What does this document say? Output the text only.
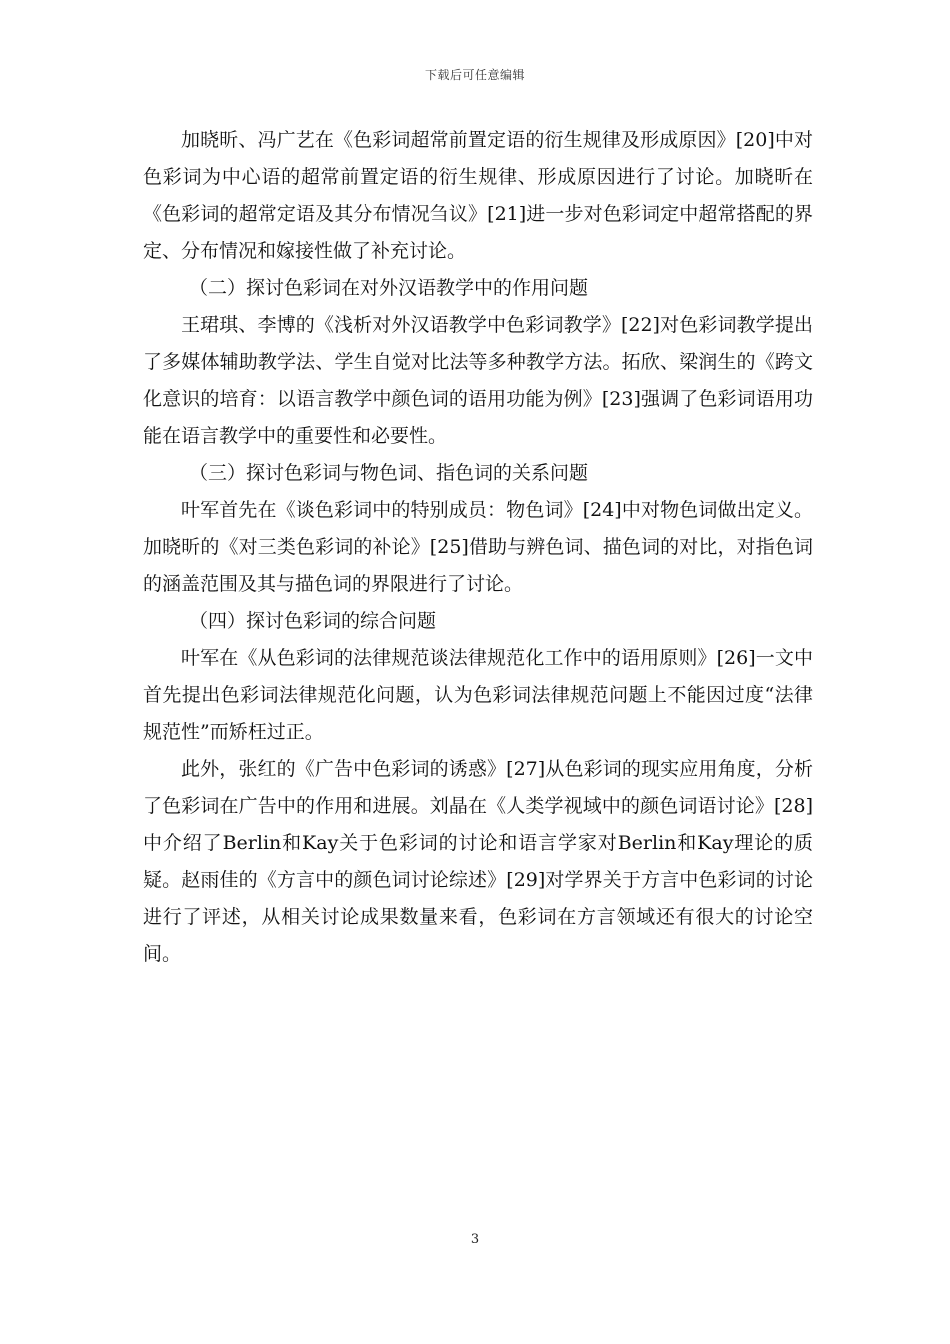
下载后可任意编辑

加晓昕、冯广艺在《色彩词超常前置定语的衍生规律及形成原因》[20]中对色彩词为中心语的超常前置定语的衍生规律、形成原因进行了讨论。加晓昕在《色彩词的超常定语及其分布情况刍议》[21]进一步对色彩词定中超常搭配的界定、分布情况和嫁接性做了补充讨论。

（二）探讨色彩词在对外汉语教学中的作用问题

王珺琪、李博的《浅析对外汉语教学中色彩词教学》[22]对色彩词教学提出了多媒体辅助教学法、学生自觉对比法等多种教学方法。拓欣、梁润生的《跨文化意识的培育：以语言教学中颜色词的语用功能为例》[23]强调了色彩词语用功能在语言教学中的重要性和必要性。

（三）探讨色彩词与物色词、指色词的关系问题

叶军首先在《谈色彩词中的特别成员：物色词》[24]中对物色词做出定义。加晓昕的《对三类色彩词的补论》[25]借助与辨色词、描色词的对比，对指色词的涵盖范围及其与描色词的界限进行了讨论。

（四）探讨色彩词的综合问题

叶军在《从色彩词的法律规范谈法律规范化工作中的语用原则》[26]一文中首先提出色彩词法律规范化问题，认为色彩词法律规范问题上不能因过度“法律规范性”而矫枉过正。

此外，张红的《广告中色彩词的诱惑》[27]从色彩词的现实应用角度，分析了色彩词在广告中的作用和进展。刘晶在《人类学视域中的颜色词语讨论》[28]中介绍了Berlin和Kay关于色彩词的讨论和语言学家对Berlin和Kay理论的质疑。赵雨佳的《方言中的颜色词讨论综述》[29]对学界关于方言中色彩词的讨论进行了评述，从相关讨论成果数量来看，色彩词在方言领域还有很大的讨论空间。

3
